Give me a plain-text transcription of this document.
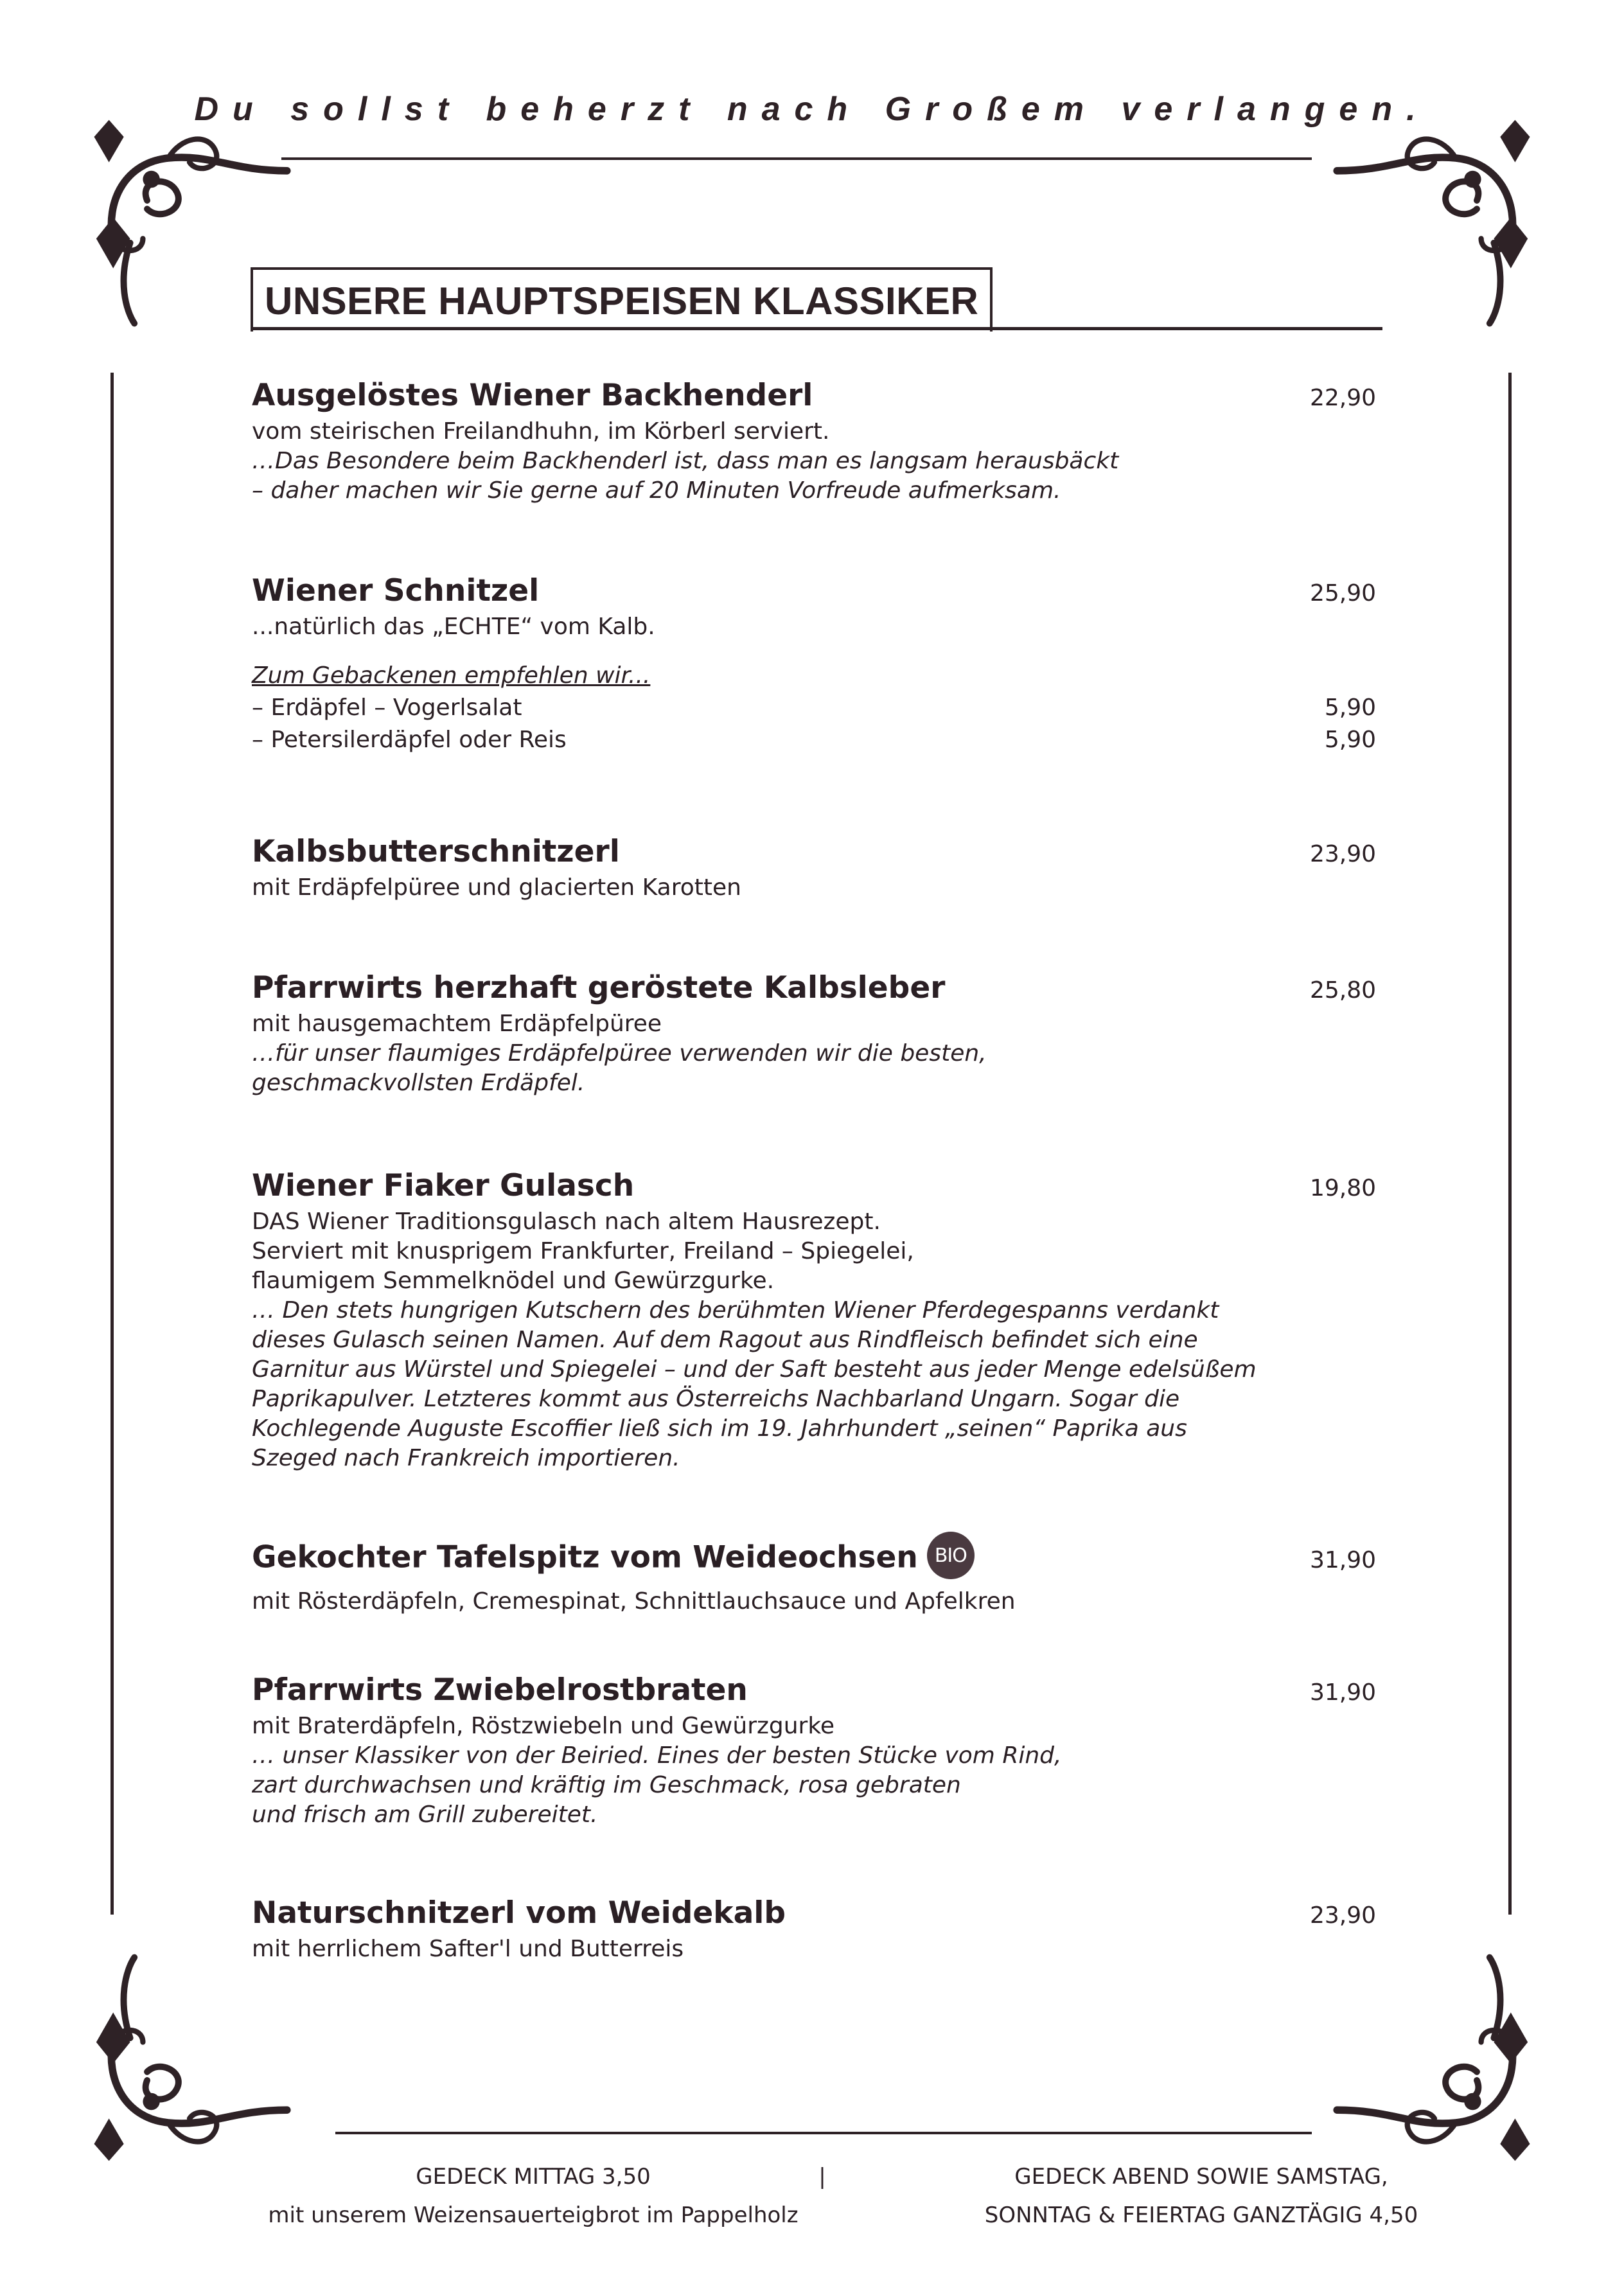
Du sollst beherzt nach Großem verlangen.
UNSERE HAUPTSPEISEN KLASSIKER
Ausgelöstes Wiener Backhenderl	22,90
vom steirischen Freilandhuhn, im Körberl serviert.
…Das Besondere beim Backhenderl ist, dass man es langsam herausbäckt
– daher machen wir Sie gerne auf 20 Minuten Vorfreude aufmerksam.
Wiener Schnitzel	25,90
...natürlich das „ECHTE“ vom Kalb.
Zum Gebackenen empfehlen wir...
– Erdäpfel – Vogerlsalat	5,90
– Petersilerdäpfel oder Reis	5,90
Kalbsbutterschnitzerl	23,90
mit Erdäpfelpüree und glacierten Karotten
Pfarrwirts herzhaft geröstete Kalbsleber	25,80
mit hausgemachtem Erdäpfelpüree
…für unser flaumiges Erdäpfelpüree verwenden wir die besten,
geschmackvollsten Erdäpfel.
Wiener Fiaker Gulasch	19,80
DAS Wiener Traditionsgulasch nach altem Hausrezept.
Serviert mit knusprigem Frankfurter, Freiland – Spiegelei,
flaumigem Semmelknödel und Gewürzgurke.
… Den stets hungrigen Kutschern des berühmten Wiener Pferdegespanns verdankt
dieses Gulasch seinen Namen. Auf dem Ragout aus Rindfleisch befindet sich eine
Garnitur aus Würstel und Spiegelei – und der Saft besteht aus jeder Menge edelsüßem
Paprikapulver. Letzteres kommt aus Österreichs Nachbarland Ungarn. Sogar die
Kochlegende Auguste Escoffier ließ sich im 19. Jahrhundert „seinen“ Paprika aus
Szeged nach Frankreich importieren.
Gekochter Tafelspitz vom Weideochsen BIO	31,90
mit Rösterdäpfeln, Cremespinat, Schnittlauchsauce und Apfelkren
Pfarrwirts Zwiebelrostbraten	31,90
mit Braterdäpfeln, Röstzwiebeln und Gewürzgurke
… unser Klassiker von der Beiried. Eines der besten Stücke vom Rind,
zart durchwachsen und kräftig im Geschmack, rosa gebraten
und frisch am Grill zubereitet.
Naturschnitzerl vom Weidekalb	23,90
mit herrlichem Safter'l und Butterreis
GEDECK MITTAG 3,50
mit unserem Weizensauerteigbrot im Pappelholz
|	GEDECK ABEND SOWIE SAMSTAG,
SONNTAG & FEIERTAG GANZTÄGIG 4,50
